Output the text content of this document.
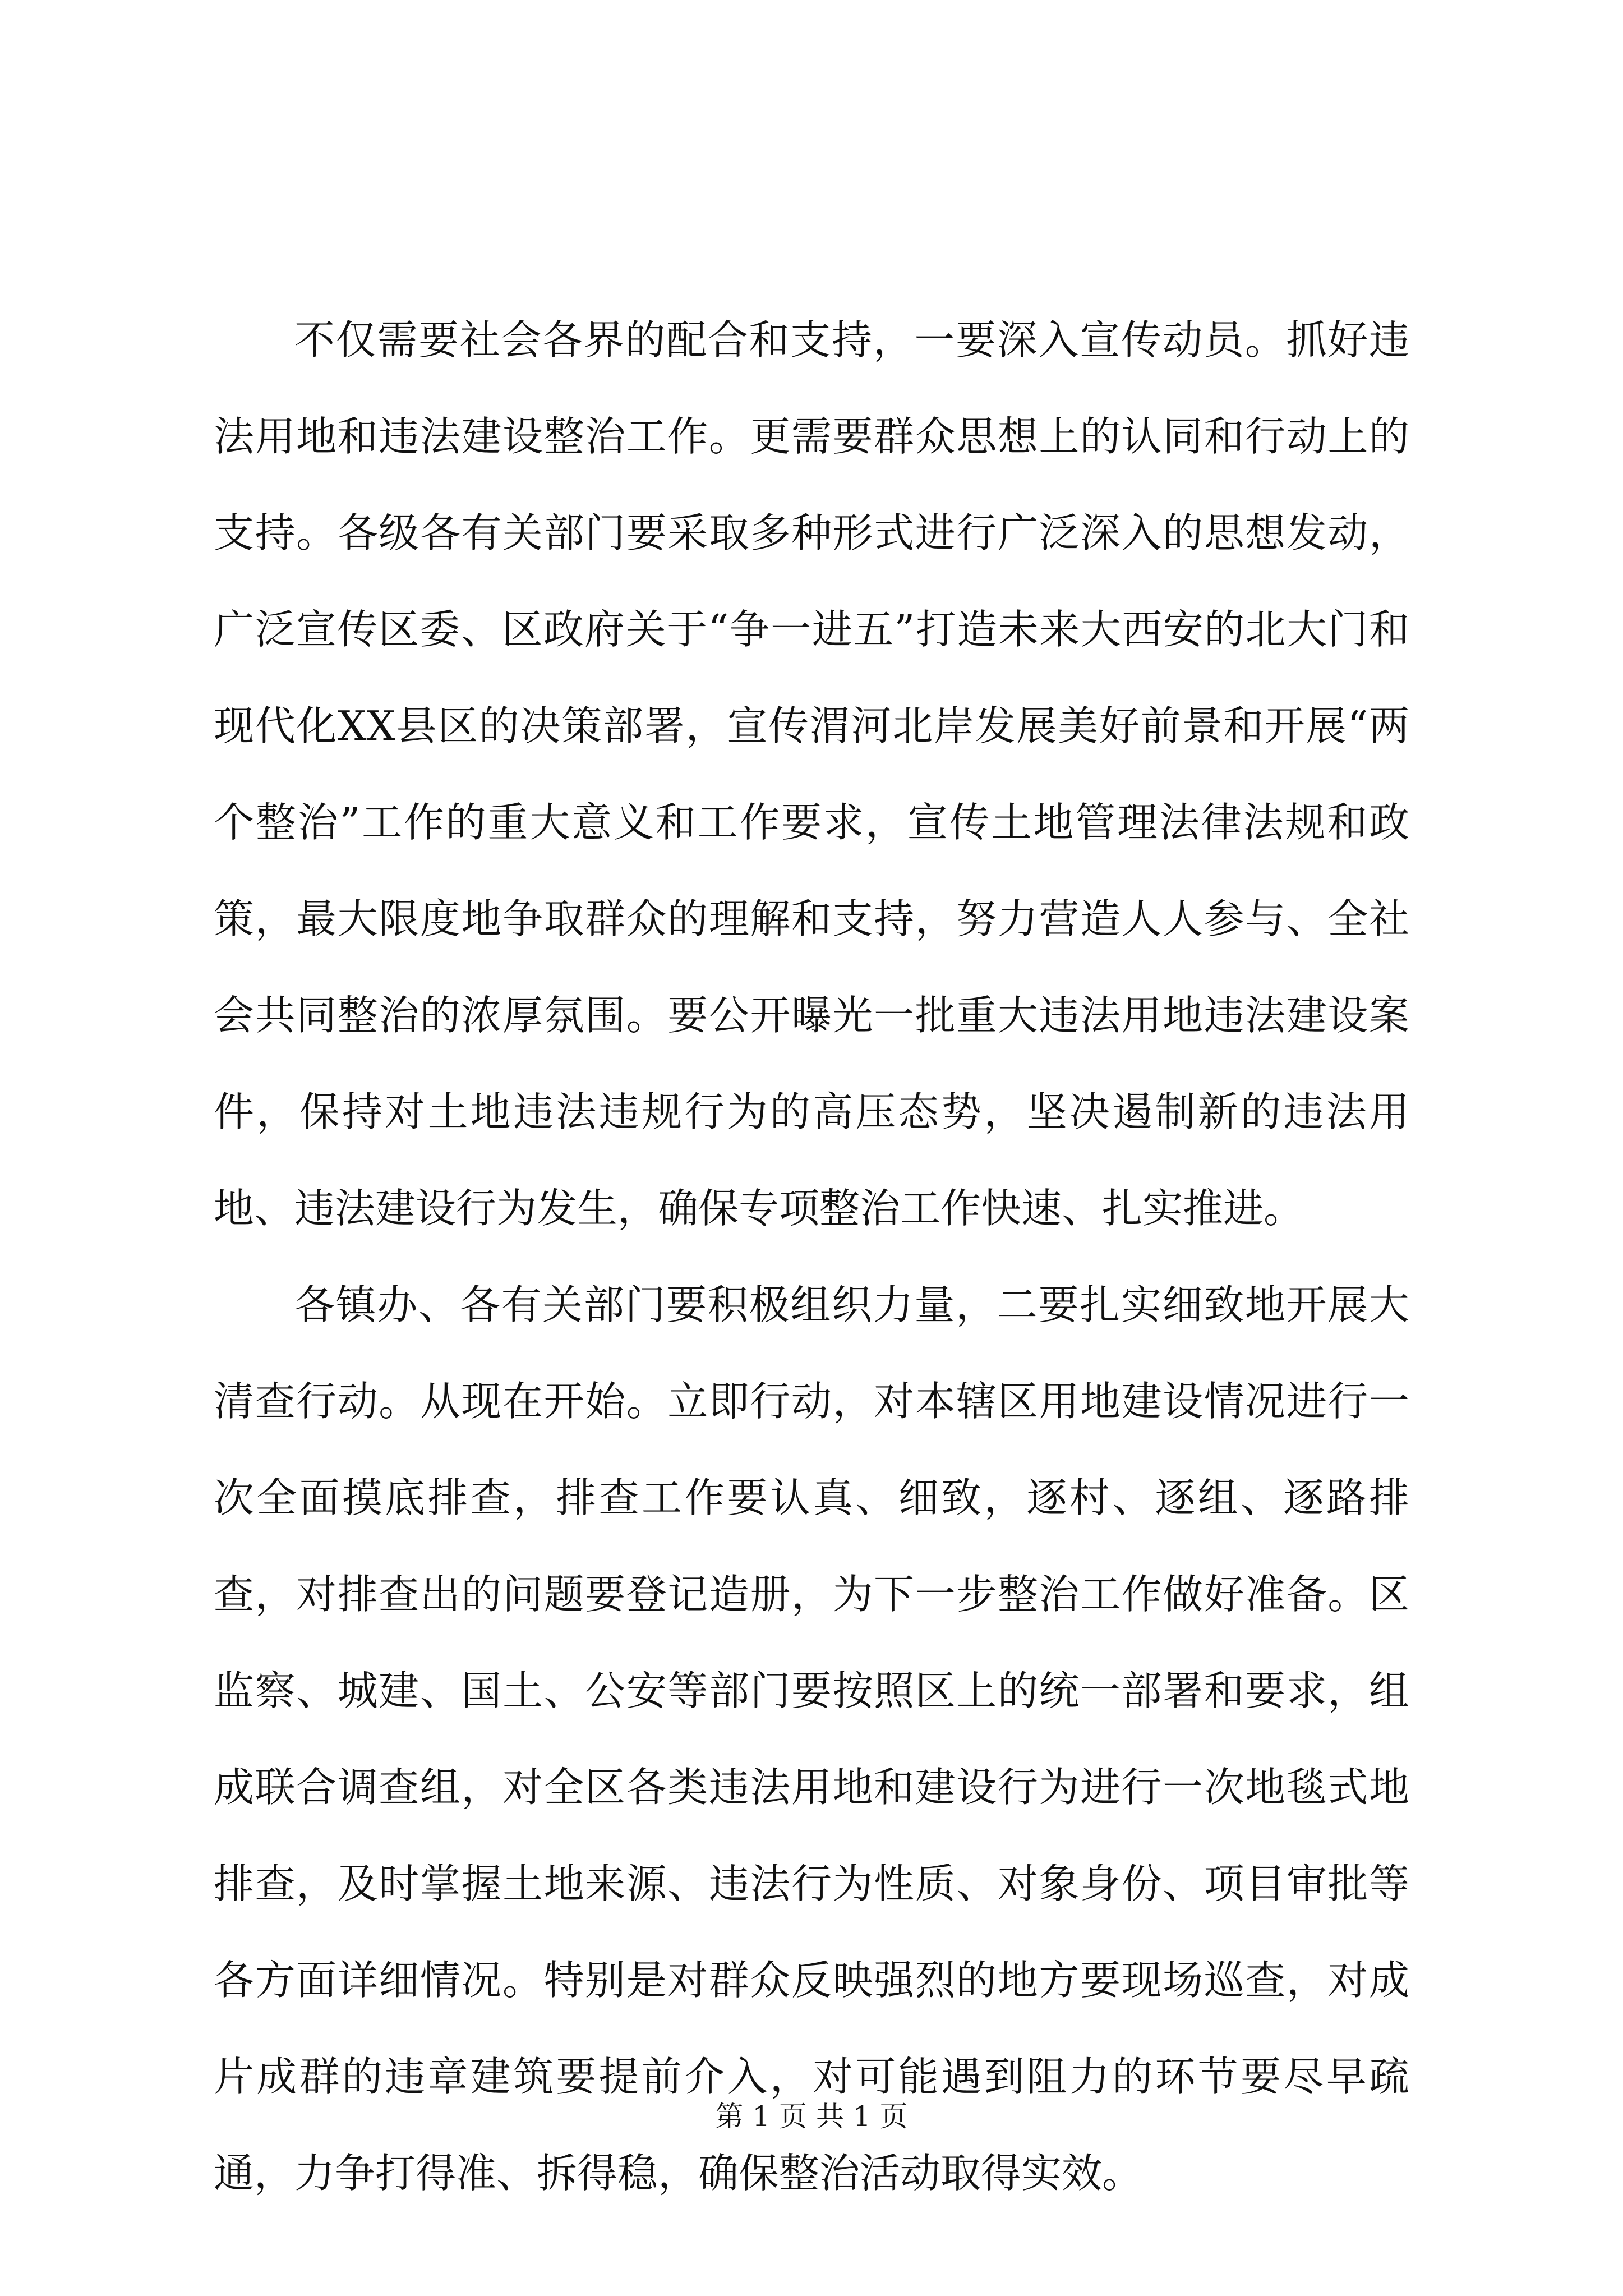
不仅需要社会各界的配合和支持，一要深入宣传动员。抓好违法用地和违法建设整治工作。更需要群众思想上的认同和行动上的支持。各级各有关部门要采取多种形式进行广泛深入的思想发动，广泛宣传区委、区政府关于“争一进五”打造未来大西安的北大门和现代化XX县区的决策部署，宣传渭河北岸发展美好前景和开展“两个整治”工作的重大意义和工作要求，宣传土地管理法律法规和政策，最大限度地争取群众的理解和支持，努力营造人人参与、全社会共同整治的浓厚氛围。要公开曝光一批重大违法用地违法建设案件，保持对土地违法违规行为的高压态势，坚决遏制新的违法用地、违法建设行为发生，确保专项整治工作快速、扎实推进。

各镇办、各有关部门要积极组织力量，二要扎实细致地开展大清查行动。从现在开始。立即行动，对本辖区用地建设情况进行一次全面摸底排查，排查工作要认真、细致，逐村、逐组、逐路排查，对排查出的问题要登记造册，为下一步整治工作做好准备。区监察、城建、国土、公安等部门要按照区上的统一部署和要求，组成联合调查组，对全区各类违法用地和建设行为进行一次地毯式地排查，及时掌握土地来源、违法行为性质、对象身份、项目审批等各方面详细情况。特别是对群众反映强烈的地方要现场巡查，对成片成群的违章建筑要提前介入，对可能遇到阻力的环节要尽早疏通，力争打得准、拆得稳，确保整治活动取得实效。

第 1 页 共 1 页
